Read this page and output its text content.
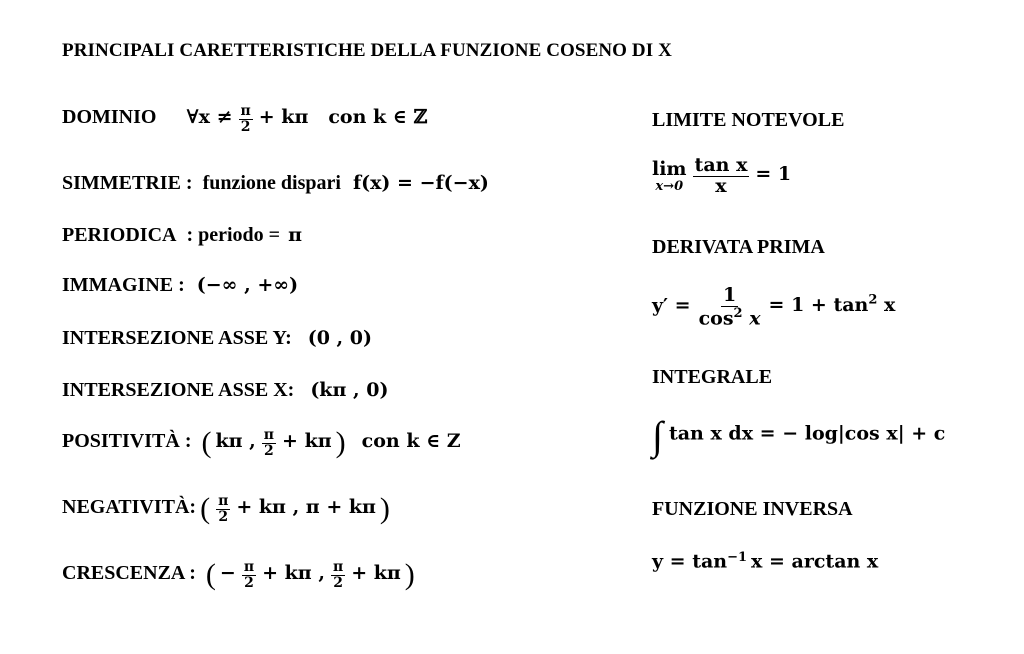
PRINCIPALI CARETTERISTICHE DELLA FUNZIONE COSENO DI X
DOMINIO ∀x ≠ $\frac{\pi}{2} + k\pi$ con k ∈ ℤ
SIMMETRIE : funzione dispari f(x) = −f(−x)
PERIODICA : periodo = π
IMMAGINE : (−∞ , +∞)
INTERSEZIONE ASSE Y: (0 , 0)
INTERSEZIONE ASSE X: (kπ , 0)
POSITIVITÀ : ( kπ , $\frac{\pi}{2} + k\pi$ ) con k ∈ Z
NEGATIVITÀ: ( $\frac{\pi}{2} + k\pi$ , π + kπ )
CRESCENZA : ( − $\frac{\pi}{2} + k\pi$ , $\frac{\pi}{2} + k\pi$ )
LIMITE NOTEVOLE
lim
x→0
$\frac{\text{tan x}}{x} = 1$
DERIVATA PRIMA
$y' = \frac{1}{\cos^2 x} = 1 + \tan^2 x$
INTEGRALE
∫ tan x dx = − log|cos x| + c
FUNZIONE INVERSA
$y = \tan^{-1} x = \arctan x$
